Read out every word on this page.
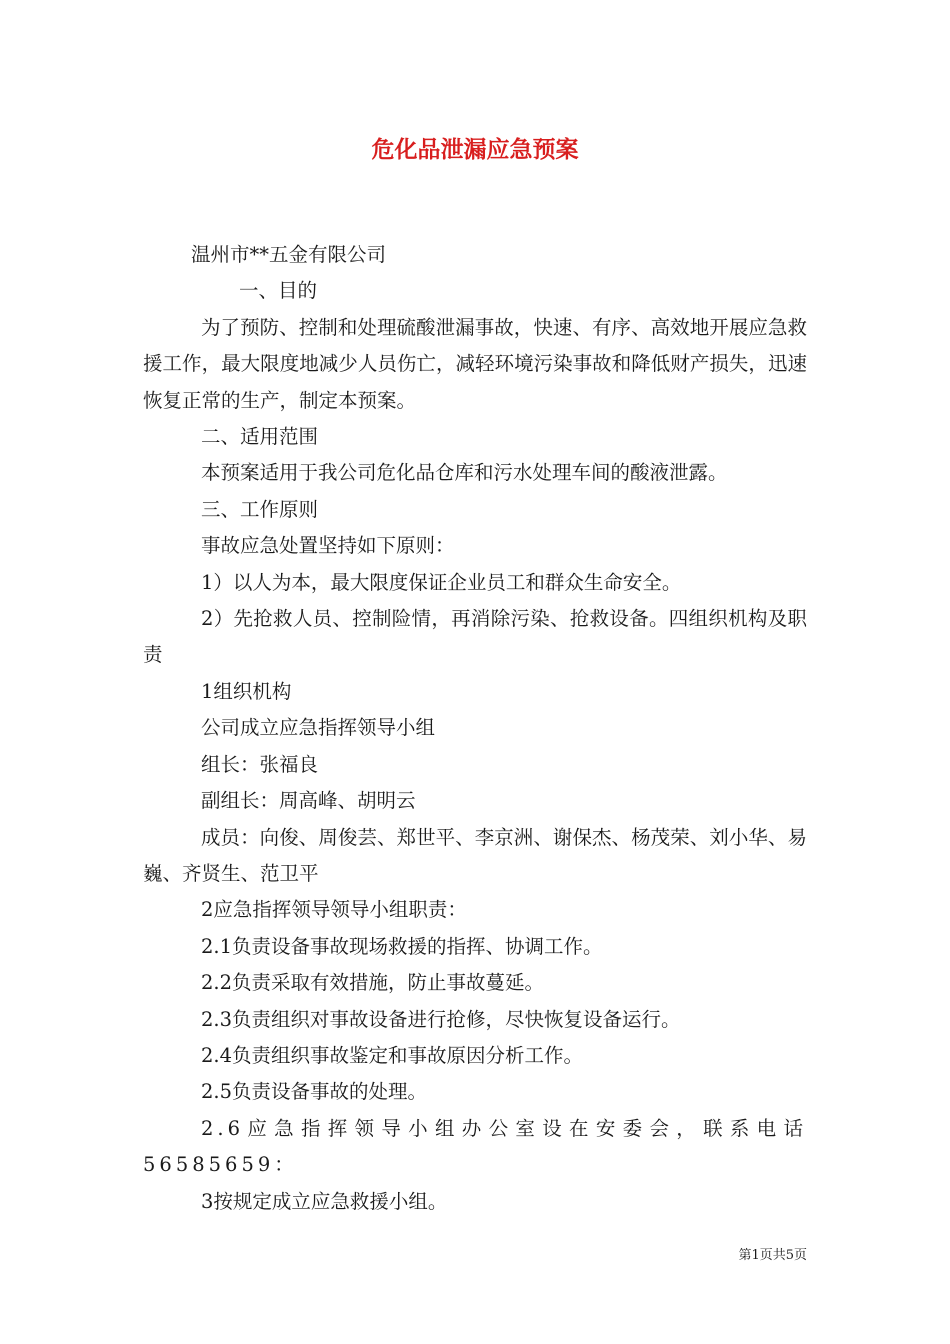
危化品泄漏应急预案

温州市**五金有限公司

一、目的

为了预防、控制和处理硫酸泄漏事故，快速、有序、高效地开展应急救援工作，最大限度地减少人员伤亡，减轻环境污染事故和降低财产损失，迅速恢复正常的生产，制定本预案。

二、适用范围

本预案适用于我公司危化品仓库和污水处理车间的酸液泄露。

三、工作原则

事故应急处置坚持如下原则：

1）以人为本，最大限度保证企业员工和群众生命安全。

2）先抢救人员、控制险情，再消除污染、抢救设备。四组织机构及职责

1组织机构

公司成立应急指挥领导小组

组长：张福良

副组长：周高峰、胡明云

成员：向俊、周俊芸、郑世平、李京洲、谢保杰、杨茂荣、刘小华、易巍、齐贤生、范卫平

2应急指挥领导领导小组职责：

2.1负责设备事故现场救援的指挥、协调工作。

2.2负责采取有效措施，防止事故蔓延。

2.3负责组织对事故设备进行抢修，尽快恢复设备运行。

2.4负责组织事故鉴定和事故原因分析工作。

2.5负责设备事故的处理。

2.6应急指挥领导小组办公室设在安委会，联系电话56585659：

3按规定成立应急救援小组。

第1页共5页
